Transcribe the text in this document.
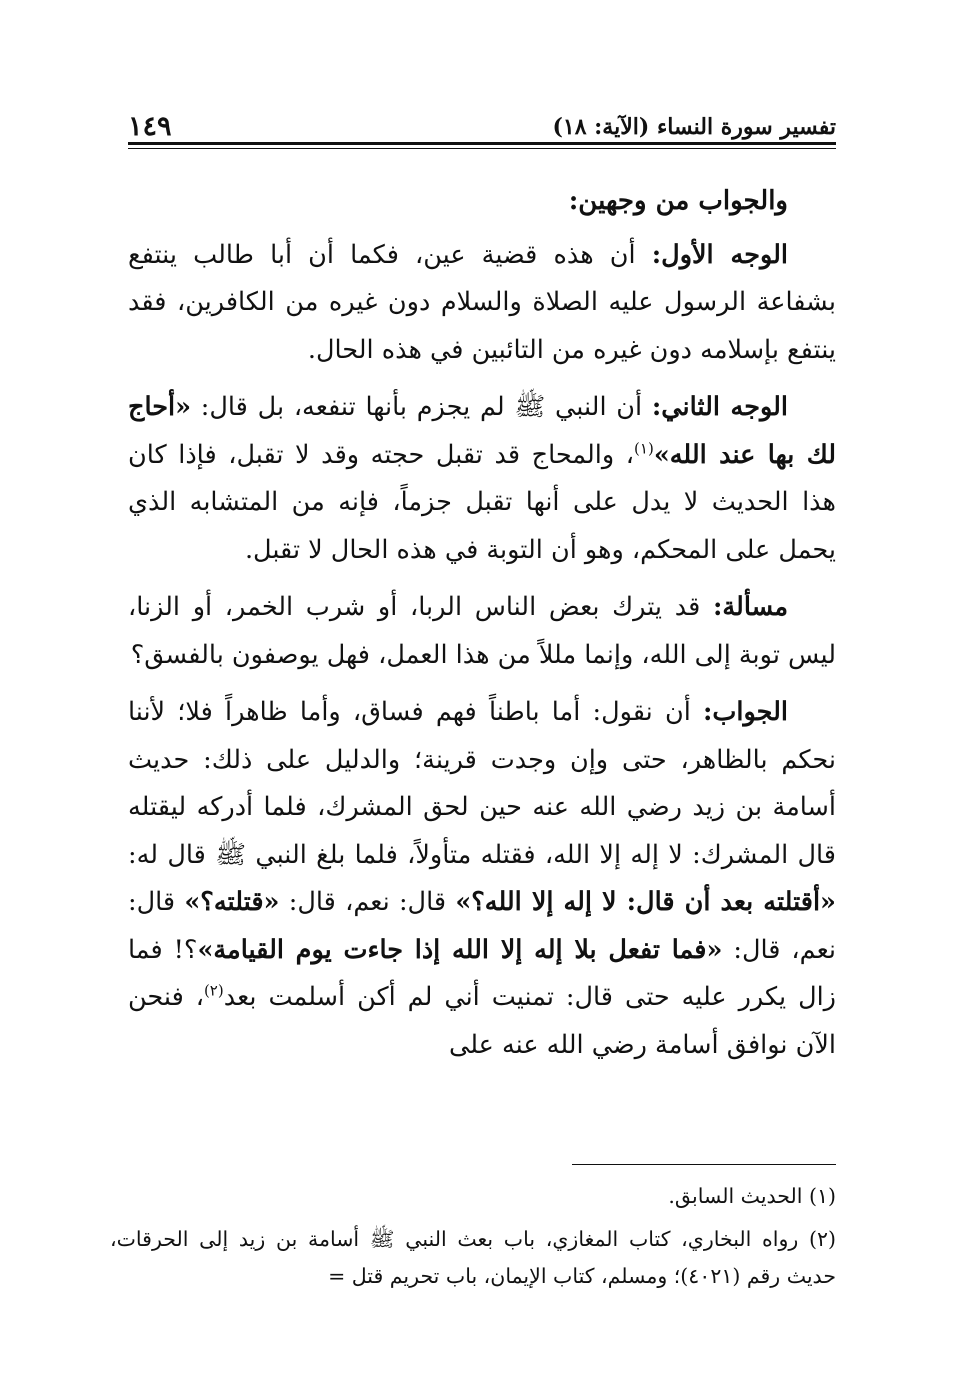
تفسير سورة النساء (الآية: ١٨)
١٤٩

والجواب من وجهين:

الوجه الأول: أن هذه قضية عين، فكما أن أبا طالب ينتفع بشفاعة الرسول عليه الصلاة والسلام دون غيره من الكافرين، فقد ينتفع بإسلامه دون غيره من التائبين في هذه الحال.

الوجه الثاني: أن النبي ﷺ لم يجزم بأنها تنفعه، بل قال: «أحاج لك بها عند الله»$^{(١)}$، والمحاج قد تقبل حجته وقد لا تقبل، فإذا كان هذا الحديث لا يدل على أنها تقبل جزماً، فإنه من المتشابه الذي يحمل على المحكم، وهو أن التوبة في هذه الحال لا تقبل.

مسألة: قد يترك بعض الناس الربا، أو شرب الخمر، أو الزنا، ليس توبة إلى الله، وإنما مللاً من هذا العمل، فهل يوصفون بالفسق؟

الجواب: أن نقول: أما باطناً فهم فساق، وأما ظاهراً فلا؛ لأننا نحكم بالظاهر، حتى وإن وجدت قرينة؛ والدليل على ذلك: حديث أسامة بن زيد رضي الله عنه حين لحق المشرك، فلما أدركه ليقتله قال المشرك: لا إله إلا الله، فقتله متأولاً، فلما بلغ النبي ﷺ قال له: «أقتلته بعد أن قال: لا إله إلا الله؟» قال: نعم، قال: «قتلته؟» قال: نعم، قال: «فما تفعل بلا إله إلا الله إذا جاءت يوم القيامة»؟! فما زال يكرر عليه حتى قال: تمنيت أني لم أكن أسلمت بعد$^{(٢)}$، فنحن الآن نوافق أسامة رضي الله عنه على

(١) الحديث السابق.

(٢) رواه البخاري، كتاب المغازي، باب بعث النبي ﷺ أسامة بن زيد إلى الحرقات، حديث رقم (٤٠٢١)؛ ومسلم، كتاب الإيمان، باب تحريم قتل =
